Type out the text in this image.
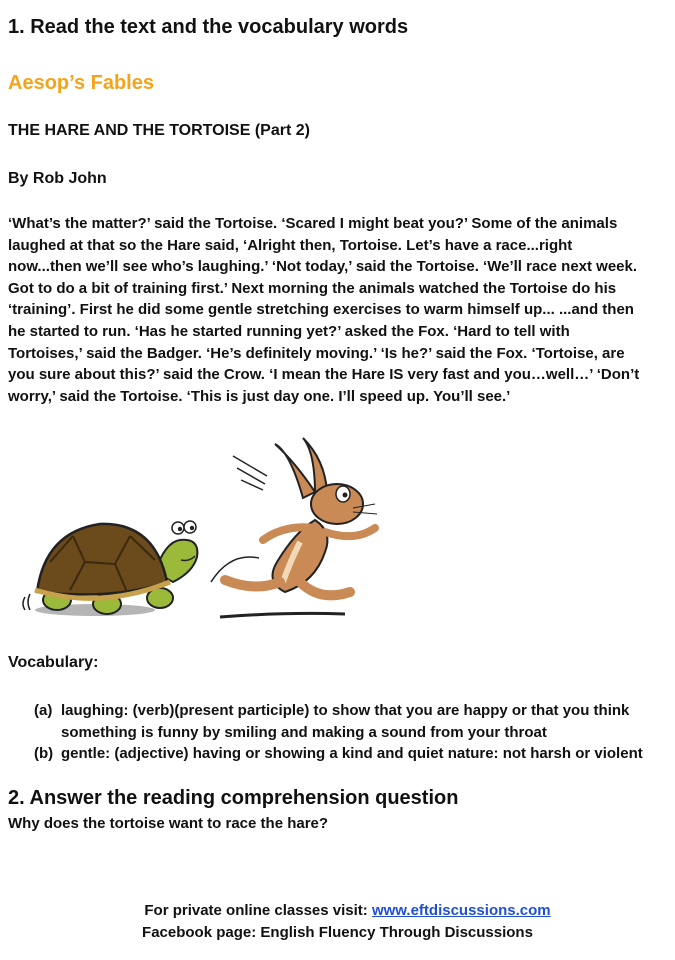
1. Read the text and the vocabulary words
Aesop’s Fables
THE HARE AND THE TORTOISE (Part 2)
By Rob John
‘What’s the matter?’ said the Tortoise. ‘Scared I might beat you?’ Some of the animals
laughed at that so the Hare said, ‘Alright then, Tortoise. Let’s have a race...right
now...then we’ll see who’s laughing.’ ‘Not today,’ said the Tortoise. ‘We’ll race next week.
Got to do a bit of training first.’ Next morning the animals watched the Tortoise do his
‘training’. First he did some gentle stretching exercises to warm himself up... ...and then
he started to run. ‘Has he started running yet?’ asked the Fox. ‘Hard to tell with
Tortoises,’ said the Badger. ‘He’s definitely moving.’ ‘Is he?’ said the Fox. ‘Tortoise, are
you sure about this?’ said the Crow. ‘I mean the Hare IS very fast and you…well…’ ‘Don’t
worry,’ said the Tortoise. ‘This is just day one. I’ll speed up. You’ll see.’
Vocabulary:
(a) laughing: (verb)(present participle) to show that you are happy or that you think
something is funny by smiling and making a sound from your throat
(b) gentle: (adjective) having or showing a kind and quiet nature: not harsh or violent
2. Answer the reading comprehension question
Why does the tortoise want to race the hare?
For private online classes visit: www.eftdiscussions.com
Facebook page: English Fluency Through Discussions
